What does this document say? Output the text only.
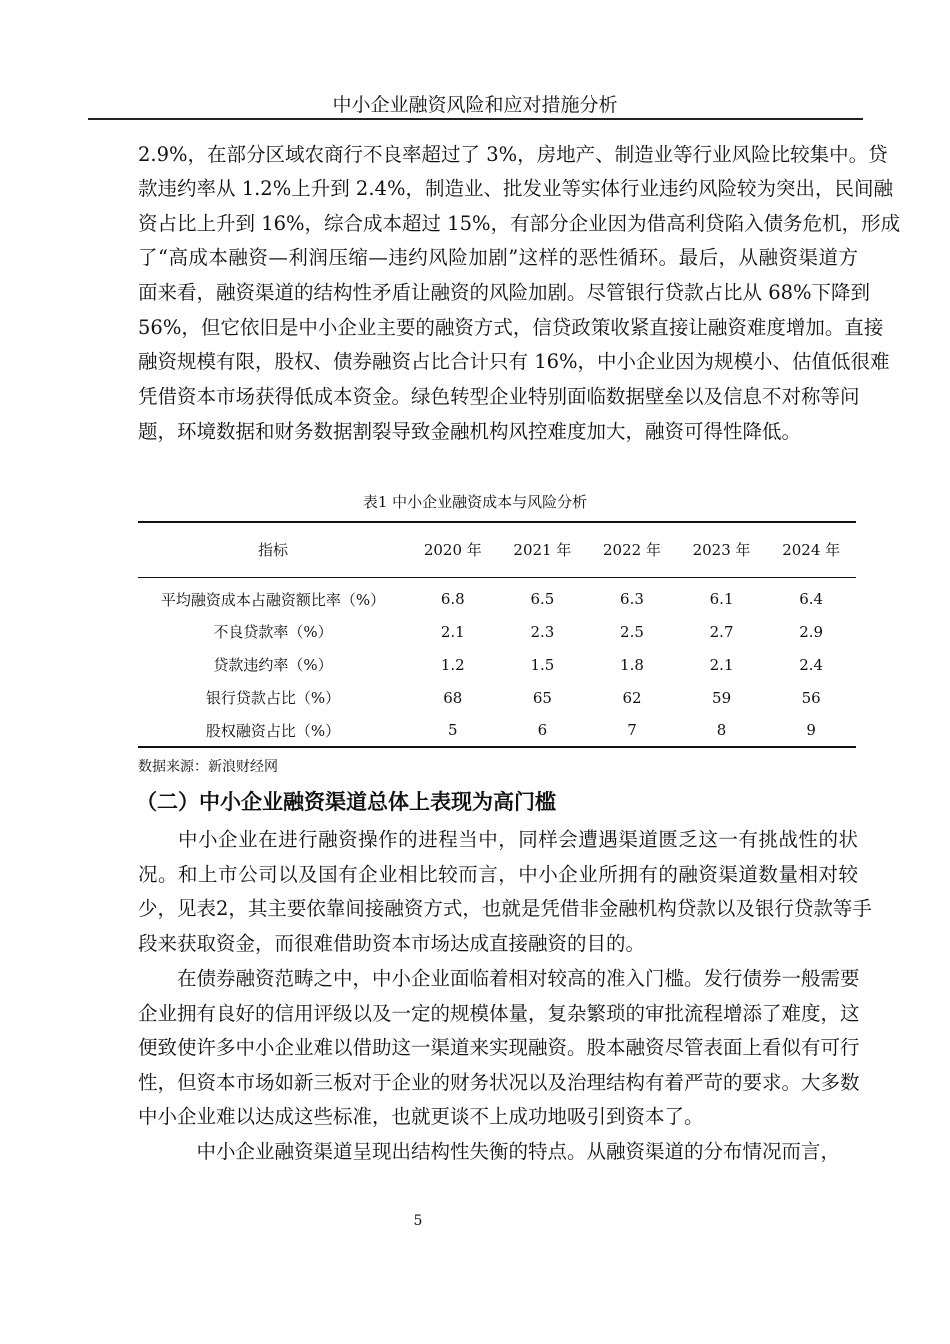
中小企业融资风险和应对措施分析
2.9%，在部分区域农商行不良率超过了 3%，房地产、制造业等行业风险比较集中。贷
款违约率从 1.2%上升到 2.4%，制造业、批发业等实体行业违约风险较为突出，民间融
资占比上升到 16%，综合成本超过 15%，有部分企业因为借高利贷陷入债务危机，形成
了“高成本融资—利润压缩—违约风险加剧”这样的恶性循环。最后，从融资渠道方
面来看，融资渠道的结构性矛盾让融资的风险加剧。尽管银行贷款占比从 68%下降到
56%，但它依旧是中小企业主要的融资方式，信贷政策收紧直接让融资难度增加。直接
融资规模有限，股权、债券融资占比合计只有 16%，中小企业因为规模小、估值低很难
凭借资本市场获得低成本资金。绿色转型企业特别面临数据壁垒以及信息不对称等问
题，环境数据和财务数据割裂导致金融机构风控难度加大，融资可得性降低。
　　中小企业在进行融资操作的进程当中，同样会遭遇渠道匮乏这一有挑战性的状
况。和上市公司以及国有企业相比较而言，中小企业所拥有的融资渠道数量相对较
少，见表2，其主要依靠间接融资方式，也就是凭借非金融机构贷款以及银行贷款等手
段来获取资金，而很难借助资本市场达成直接融资的目的。
　　在债券融资范畴之中，中小企业面临着相对较高的准入门槛。发行债券一般需要
企业拥有良好的信用评级以及一定的规模体量，复杂繁琐的审批流程增添了难度，这
便致使许多中小企业难以借助这一渠道来实现融资。股本融资尽管表面上看似有可行
性，但资本市场如新三板对于企业的财务状况以及治理结构有着严苛的要求。大多数
中小企业难以达成这些标准，也就更谈不上成功地吸引到资本了。
　　　中小企业融资渠道呈现出结构性失衡的特点。从融资渠道的分布情况而言，
表1 中小企业融资成本与风险分析
指标	2020 年	2021 年	2022 年	2023 年	2024 年
平均融资成本占融资额比率（%）	6.8	6.5	6.3	6.1	6.4
不良贷款率（%）	2.1	2.3	2.5	2.7	2.9
贷款违约率（%）	1.2	1.5	1.8	2.1	2.4
银行贷款占比（%）	68	65	62	59	56
股权融资占比（%）	5	6	7	8	9
数据来源：新浪财经网
（二）中小企业融资渠道总体上表现为高门槛
5
